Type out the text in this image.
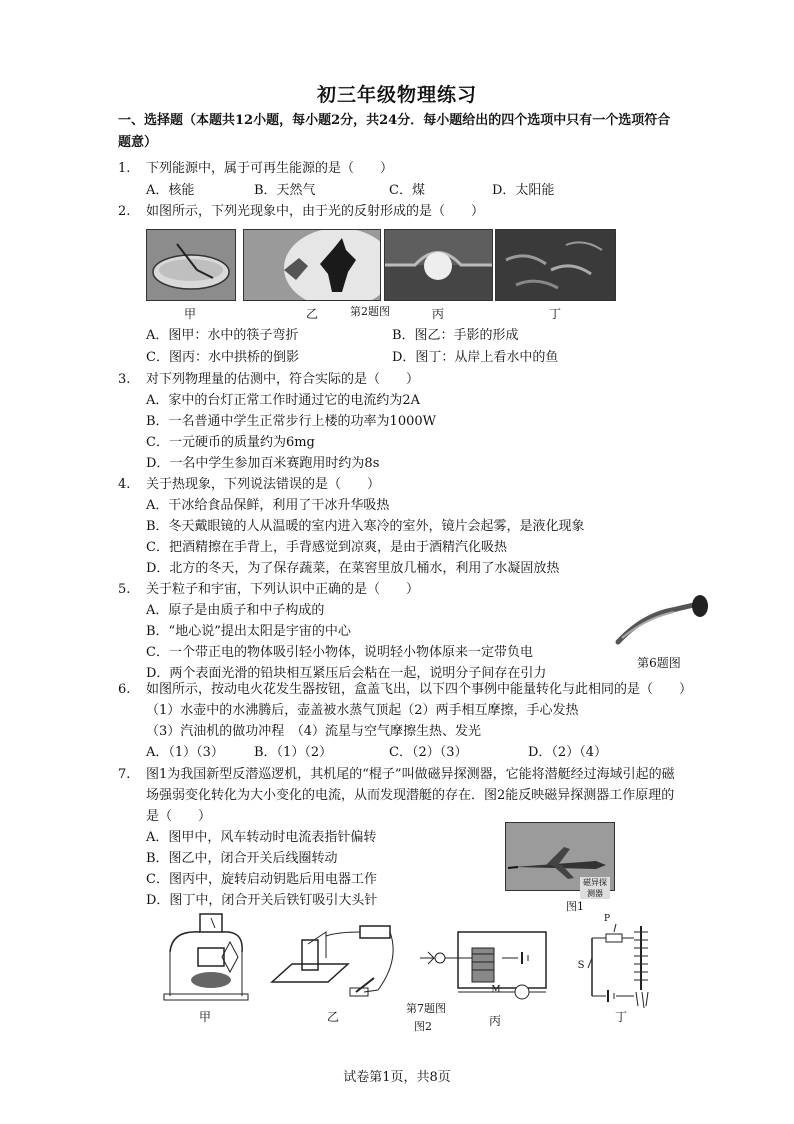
初三年级物理练习
一、选择题（本题共12小题，每小题2分，共24分．每小题给出的四个选项中只有一个选项符合
题意）
1. 下列能源中，属于可再生能源的是（　　）
A．核能	B．天然气	C．煤	D．太阳能
2. 如图所示，下列光现象中，由于光的反射形成的是（　　）
甲	乙	第2题图	丙	丁
A．图甲：水中的筷子弯折	B．图乙：手影的形成
C．图丙：水中拱桥的倒影	D．图丁：从岸上看水中的鱼
3. 对下列物理量的估测中，符合实际的是（　　）
A．家中的台灯正常工作时通过它的电流约为2A
B．一名普通中学生正常步行上楼的功率为1000W
C．一元硬币的质量约为6mg
D．一名中学生参加百米赛跑用时约为8s
4. 关于热现象，下列说法错误的是（　　）
A．干冰给食品保鲜，利用了干冰升华吸热
B．冬天戴眼镜的人从温暖的室内进入寒冷的室外，镜片会起雾，是液化现象
C．把酒精擦在手背上，手背感觉到凉爽，是由于酒精汽化吸热
D．北方的冬天，为了保存蔬菜，在菜窖里放几桶水，利用了水凝固放热
5. 关于粒子和宇宙，下列认识中正确的是（　　）
A．原子是由质子和中子构成的
B．“地心说”提出太阳是宇宙的中心
C．一个带正电的物体吸引轻小物体，说明轻小物体原来一定带负电
D．两个表面光滑的铅块相互紧压后会粘在一起，说明分子间存在引力
第6题图
6. 如图所示，按动电火花发生器按钮，盒盖飞出，以下四个事例中能量转化与此相同的是（　　）
（1）水壶中的水沸腾后，壶盖被水蒸气顶起（2）两手相互摩擦，手心发热
（3）汽油机的做功冲程　（4）流星与空气摩擦生热、发光
A．（1）（3） B．（1）（2）	C．（2）（3）	D．（2）（4）
7. 图1为我国新型反潜巡逻机，其机尾的“棍子”叫做磁异探测器，它能将潜艇经过海域引起的磁
场强弱变化转化为大小变化的电流，从而发现潜艇的存在．图2能反映磁异探测器工作原理的
是（　　）
A．图甲中，风车转动时电流表指针偏转
B．图乙中，闭合开关后线圈转动
C．图丙中，旋转启动钥匙后用电器工作
D．图丁中，闭合开关后铁钉吸引大头针
磁异探测器
图1
M
S
P
甲	乙
第7题图
图2	丙	丁
试卷第1页，共8页
